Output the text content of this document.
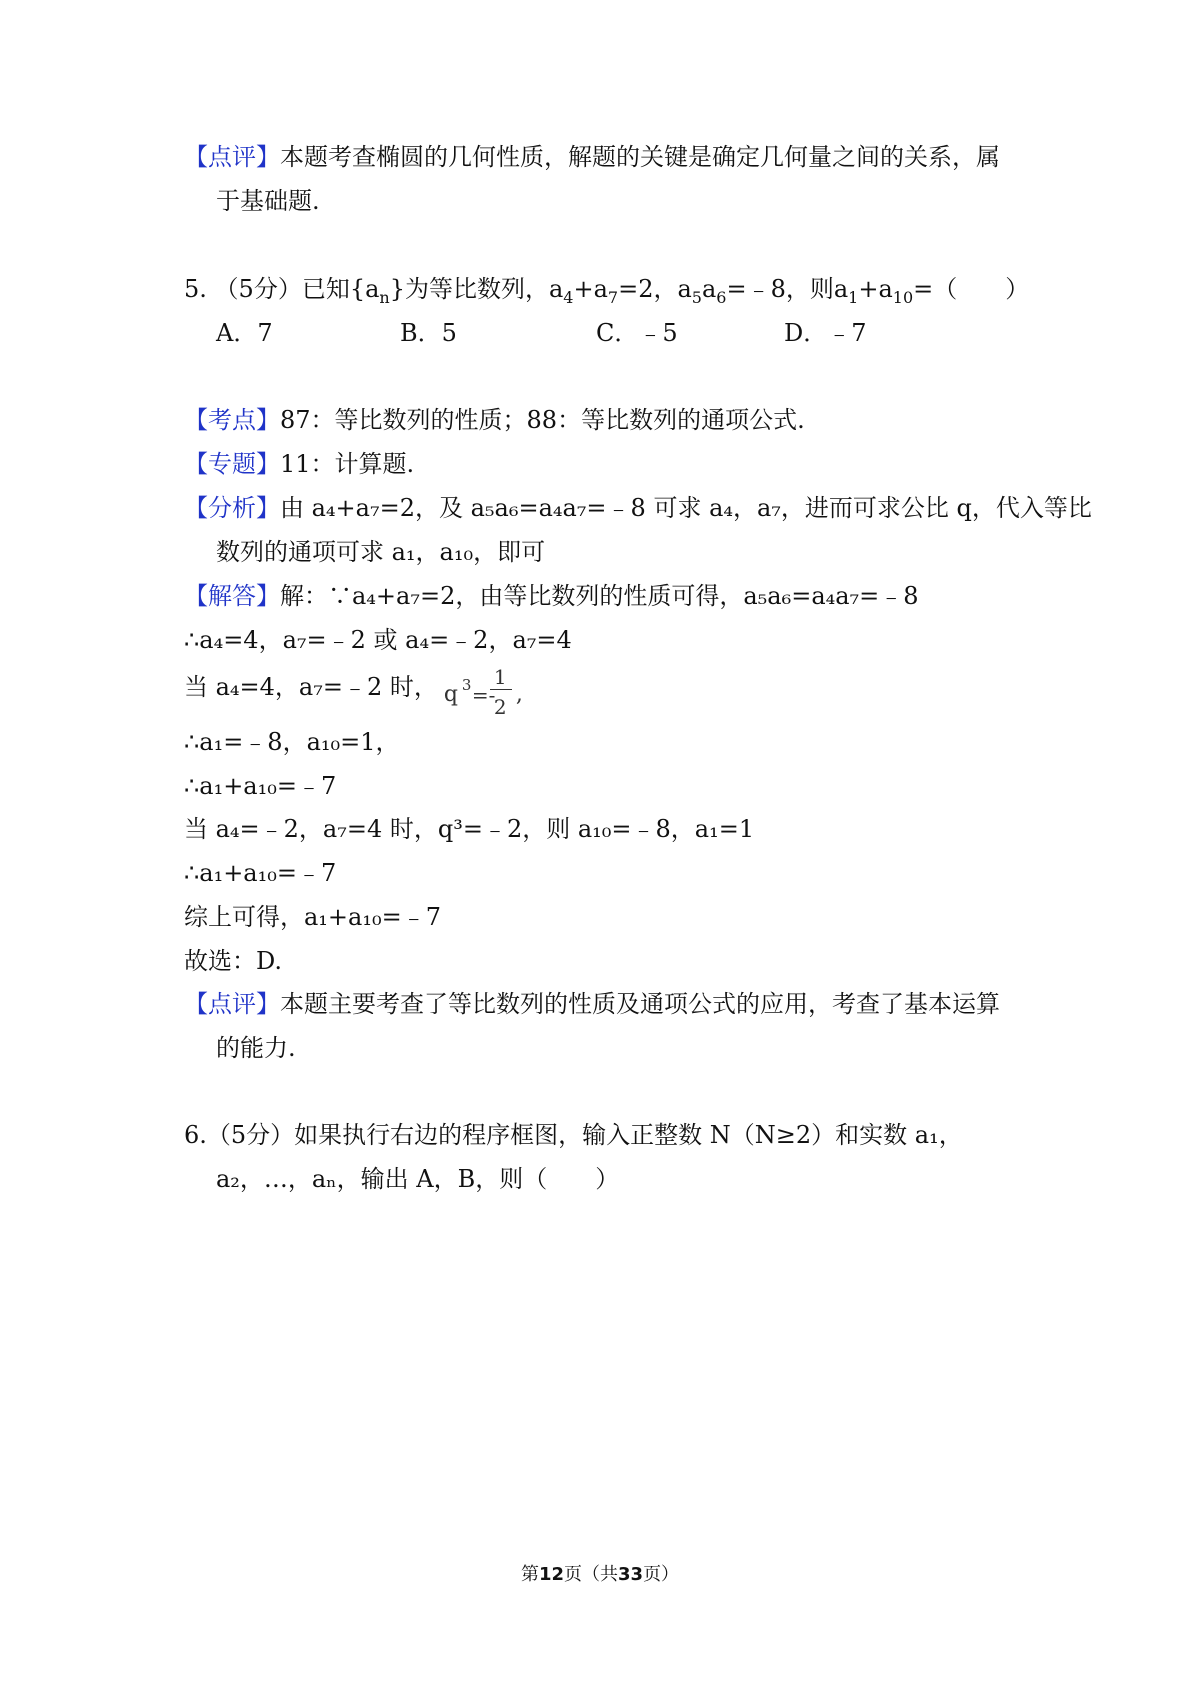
【点评】本题考查椭圆的几何性质，解题的关键是确定几何量之间的关系，属
于基础题.
5. （5分）已知$\{a_n\}$为等比数列，$a_4+a_7=2$，$a_5a_6=﹣8$，则$a_1+a_{10}=$（　　）
A．7	B．5	C．﹣5	D．﹣7
【考点】87：等比数列的性质；88：等比数列的通项公式.
【专题】11：计算题.
【分析】由 a₄+a₇=2，及 a₅a₆=a₄a₇=﹣8 可求 a₄，a₇，进而可求公比 q，代入等比
数列的通项可求 a₁，a₁₀，即可
【解答】解：∵a₄+a₇=2，由等比数列的性质可得，a₅a₆=a₄a₇=﹣8
∴a₄=4，a₇=﹣2 或 a₄=﹣2，a₇=4
当 a₄=4，a₇=﹣2 时， q 3 =-
1
2 ,
∴a₁=﹣8，a₁₀=1，
∴a₁+a₁₀=﹣7
当 a₄=﹣2，a₇=4 时，q³=﹣2，则 a₁₀=﹣8，a₁=1
∴a₁+a₁₀=﹣7
综上可得，a₁+a₁₀=﹣7
故选：D.
【点评】本题主要考查了等比数列的性质及通项公式的应用，考查了基本运算
的能力.
6.（5分）如果执行右边的程序框图，输入正整数 N（N≥2）和实数 a₁，
a₂，…，aₙ，输出 A，B，则（　　）
第12页（共33页）
